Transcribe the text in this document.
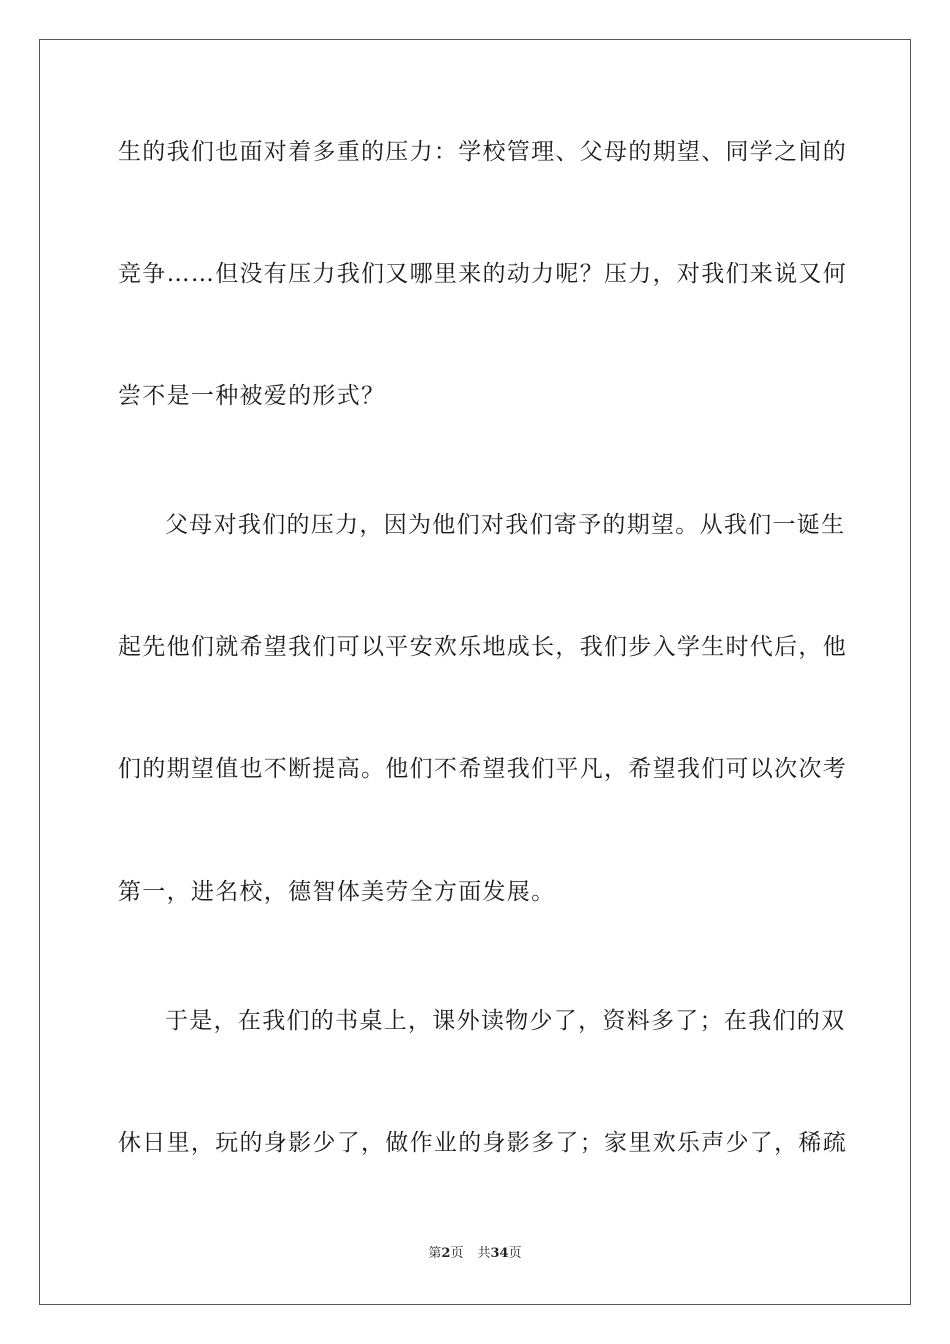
生的我们也面对着多重的压力：学校管理、父母的期望、同学之间的
竞争……但没有压力我们又哪里来的动力呢？压力，对我们来说又何
尝不是一种被爱的形式？
父母对我们的压力，因为他们对我们寄予的期望。从我们一诞生
起先他们就希望我们可以平安欢乐地成长，我们步入学生时代后，他
们的期望值也不断提高。他们不希望我们平凡，希望我们可以次次考
第一，进名校，德智体美劳全方面发展。
于是，在我们的书桌上，课外读物少了，资料多了；在我们的双
休日里，玩的身影少了，做作业的身影多了；家里欢乐声少了，稀疏
第2页 共34页
